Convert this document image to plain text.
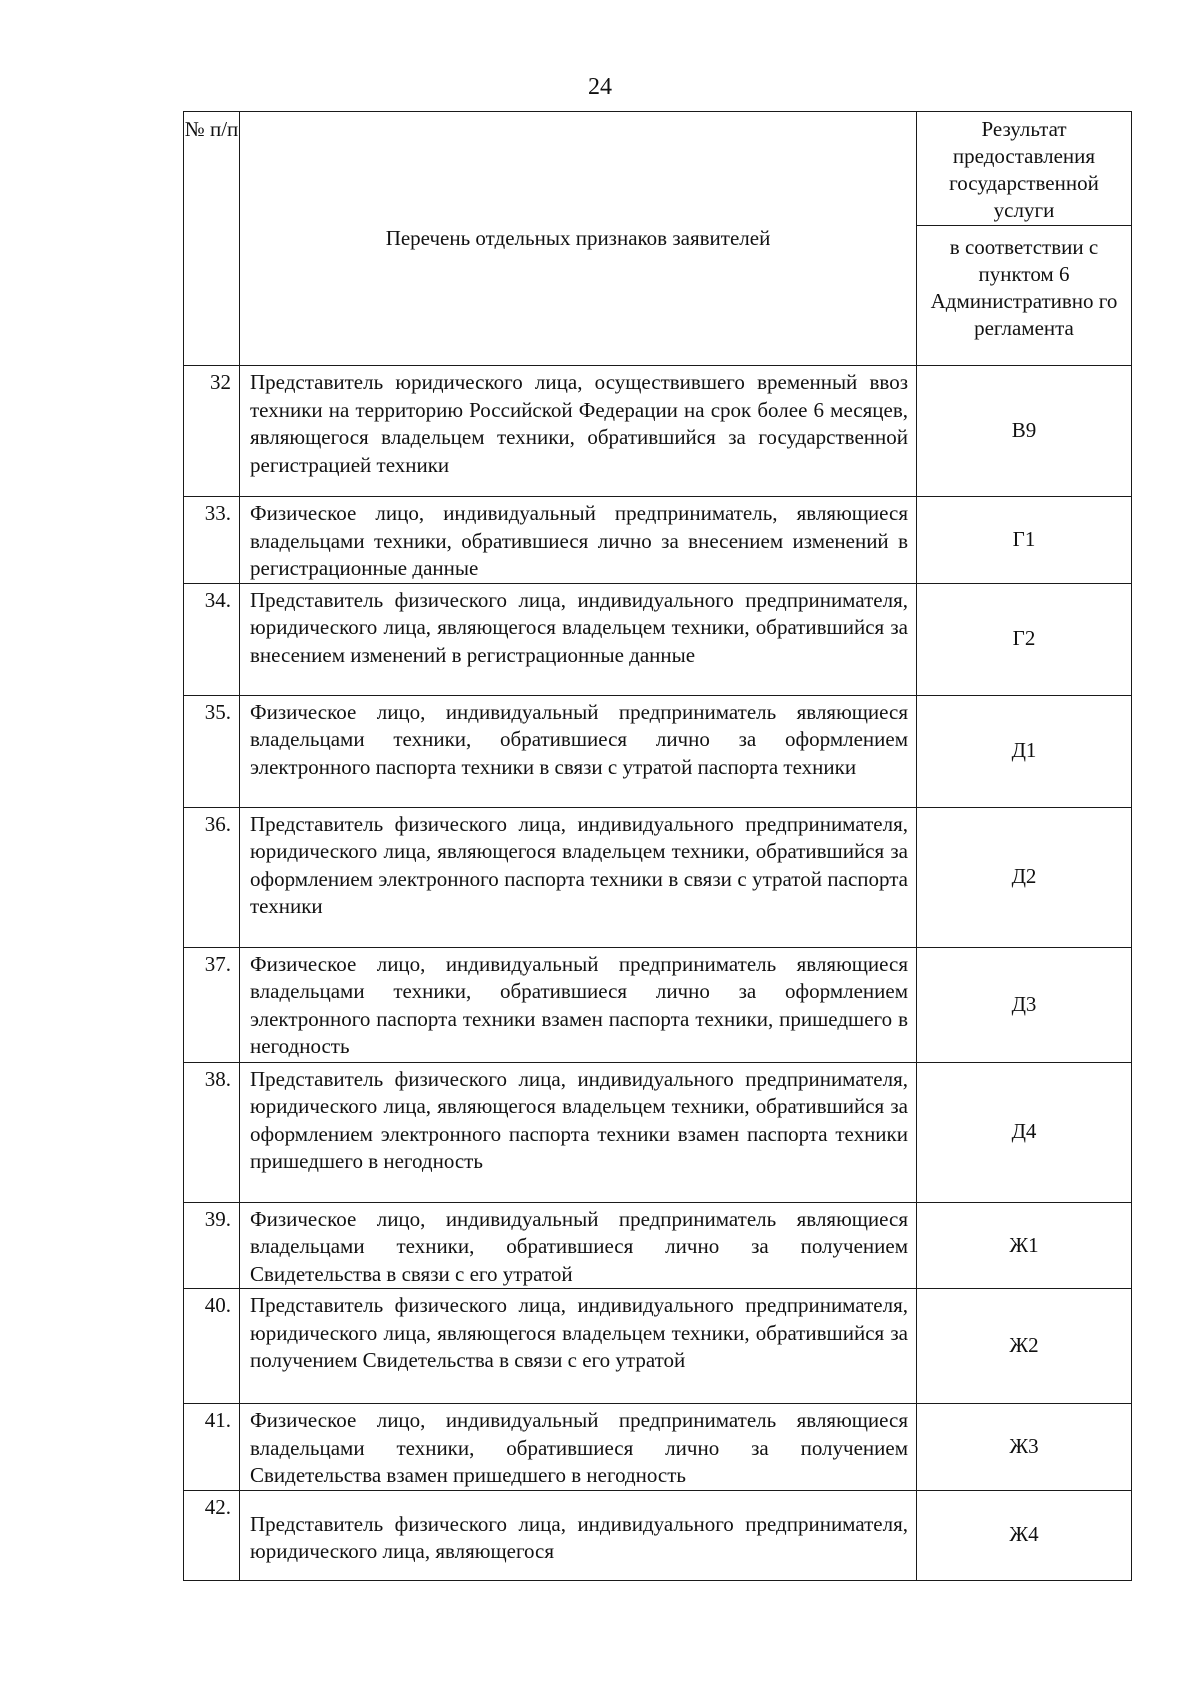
24
№ п/п	Перечень отдельных признаков заявителей	Результат предоставления государственной услуги
		в соответствии с пунктом 6 Административно го регламента
32	Представитель юридического лица, осуществившего временный ввоз техники на территорию Российской Федерации на срок более 6 месяцев, являющегося владельцем техники, обратившийся за государственной регистрацией техники	В9
33.	Физическое лицо, индивидуальный предприниматель, являющиеся владельцами техники, обратившиеся лично за внесением изменений в регистрационные данные	Г1
34.	Представитель физического лица, индивидуального предпринимателя, юридического лица, являющегося владельцем техники, обратившийся за внесением изменений в регистрационные данные	Г2
35.	Физическое лицо, индивидуальный предприниматель являющиеся владельцами техники, обратившиеся лично за оформлением электронного паспорта техники в связи с утратой паспорта техники	Д1
36.	Представитель физического лица, индивидуального предпринимателя, юридического лица, являющегося владельцем техники, обратившийся за оформлением электронного паспорта техники в связи с утратой паспорта техники	Д2
37.	Физическое лицо, индивидуальный предприниматель являющиеся владельцами техники, обратившиеся лично за оформлением электронного паспорта техники взамен паспорта техники, пришедшего в негодность	Д3
38.	Представитель физического лица, индивидуального предпринимателя, юридического лица, являющегося владельцем техники, обратившийся за оформлением электронного паспорта техники взамен паспорта техники пришедшего в негодность	Д4
39.	Физическое лицо, индивидуальный предприниматель являющиеся владельцами техники, обратившиеся лично за получением Свидетельства в связи с его утратой	Ж1
40.	Представитель физического лица, индивидуального предпринимателя, юридического лица, являющегося владельцем техники, обратившийся за получением Свидетельства в связи с его утратой	Ж2
41.	Физическое лицо, индивидуальный предприниматель являющиеся владельцами техники, обратившиеся лично за получением Свидетельства взамен пришедшего в негодность	Ж3
42.	Представитель физического лица, индивидуального предпринимателя, юридического лица, являющегося	Ж4
